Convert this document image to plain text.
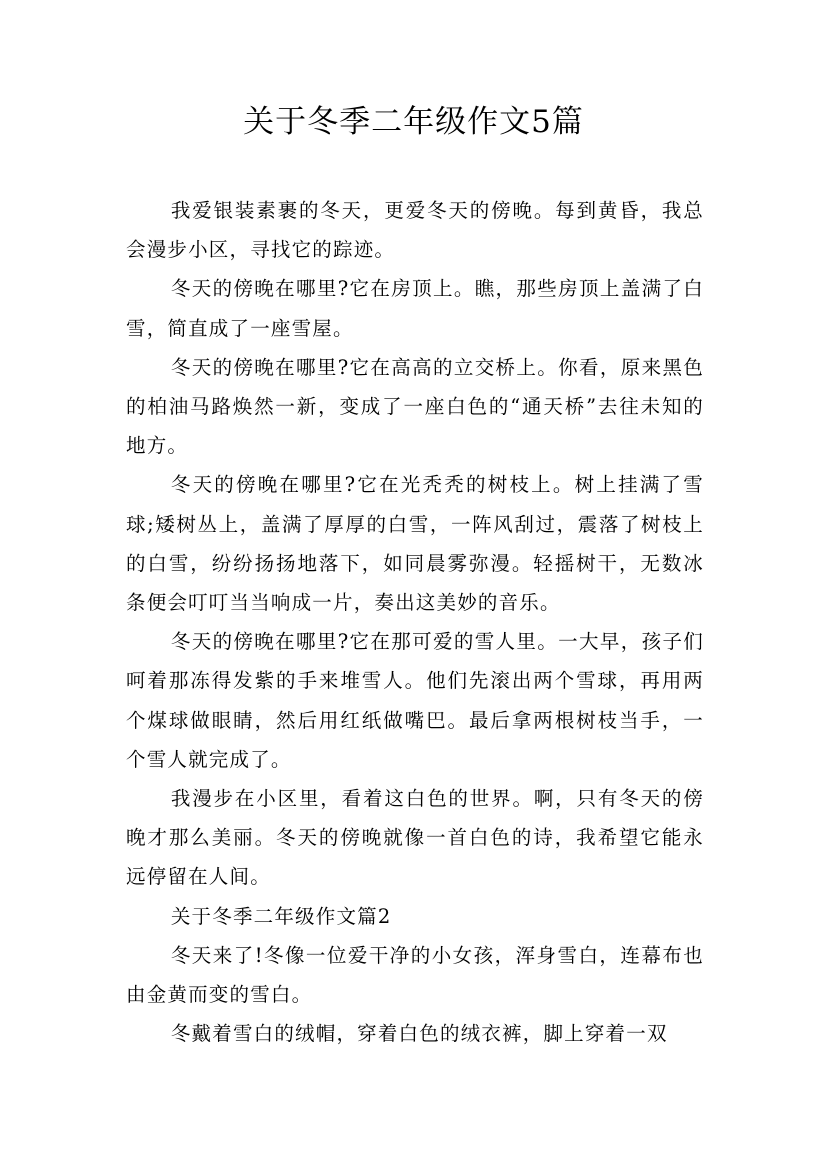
关于冬季二年级作文5篇

我爱银装素裹的冬天，更爱冬天的傍晚。每到黄昏，我总会漫步小区，寻找它的踪迹。

冬天的傍晚在哪里?它在房顶上。瞧，那些房顶上盖满了白雪，简直成了一座雪屋。

冬天的傍晚在哪里?它在高高的立交桥上。你看，原来黑色的柏油马路焕然一新，变成了一座白色的“通天桥”去往未知的地方。

冬天的傍晚在哪里?它在光秃秃的树枝上。树上挂满了雪球;矮树丛上，盖满了厚厚的白雪，一阵风刮过，震落了树枝上的白雪，纷纷扬扬地落下，如同晨雾弥漫。轻摇树干，无数冰条便会叮叮当当响成一片，奏出这美妙的音乐。

冬天的傍晚在哪里?它在那可爱的雪人里。一大早，孩子们呵着那冻得发紫的手来堆雪人。他们先滚出两个雪球，再用两个煤球做眼睛，然后用红纸做嘴巴。最后拿两根树枝当手，一个雪人就完成了。

我漫步在小区里，看着这白色的世界。啊，只有冬天的傍晚才那么美丽。冬天的傍晚就像一首白色的诗，我希望它能永远停留在人间。

关于冬季二年级作文篇2

冬天来了!冬像一位爱干净的小女孩，浑身雪白，连幕布也由金黄而变的雪白。

冬戴着雪白的绒帽，穿着白色的绒衣裤，脚上穿着一双
